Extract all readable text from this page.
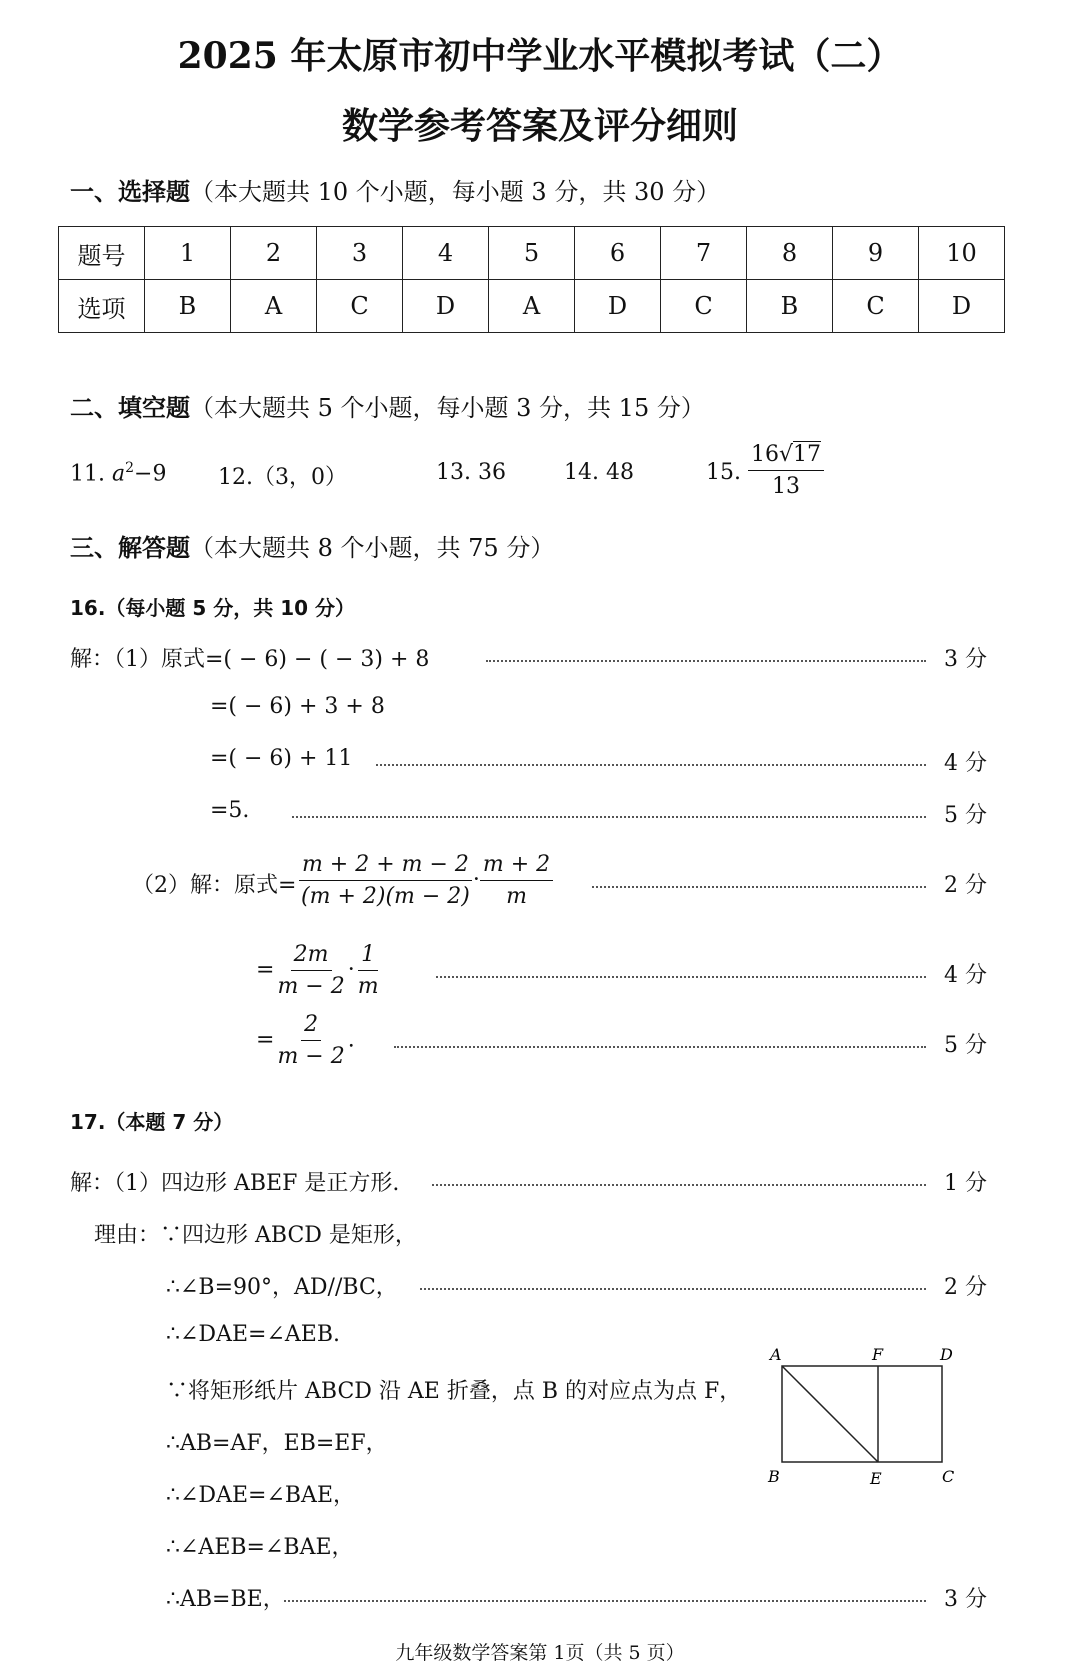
2025 年太原市初中学业水平模拟考试（二）
数学参考答案及评分细则
一、选择题（本大题共 10 个小题，每小题 3 分，共 30 分）
题号	1	2	3	4	5	6	7	8	9	10
选项	B	A	C	D	A	D	C	B	C	D
二、填空题（本大题共 5 个小题，每小题 3 分，共 15 分）
11. $a^2-9$ 12.（3，0）	13. 36	14. 48	15. $\frac{16√17}{13}$
三、解答题（本大题共 8 个小题，共 75 分）
16.（每小题 5 分，共 10 分）
解：（1）原式=( − 6) − ( − 3) + 8	3 分
=( − 6) + 3 + 8
=( − 6) + 11	4 分
=5.	5 分
（2）解：原式= $\frac{m + 2 + m - 2}{(m + 2)(m - 2)} \cdot \frac{m + 2}{m}$	2 分
= $\frac{2m}{m - 2} \cdot \frac{1}{m}$	4 分
= $\frac{2}{m - 2}$ .	5 分
17.（本题 7 分）
解：（1）四边形 ABEF 是正方形.	1 分
理由：∵四边形 ABCD 是矩形，
∴∠B=90°，AD//BC，	2 分
∴∠DAE=∠AEB.
∵将矩形纸片 ABCD 沿 AE 折叠，点 B 的对应点为点 F，
∴AB=AF，EB=EF，
∴∠DAE=∠BAE，
∴∠AEB=∠BAE，
∴AB=BE，	3 分
A	F	D
B	E	C
九年级数学答案第 1页（共 5 页）
